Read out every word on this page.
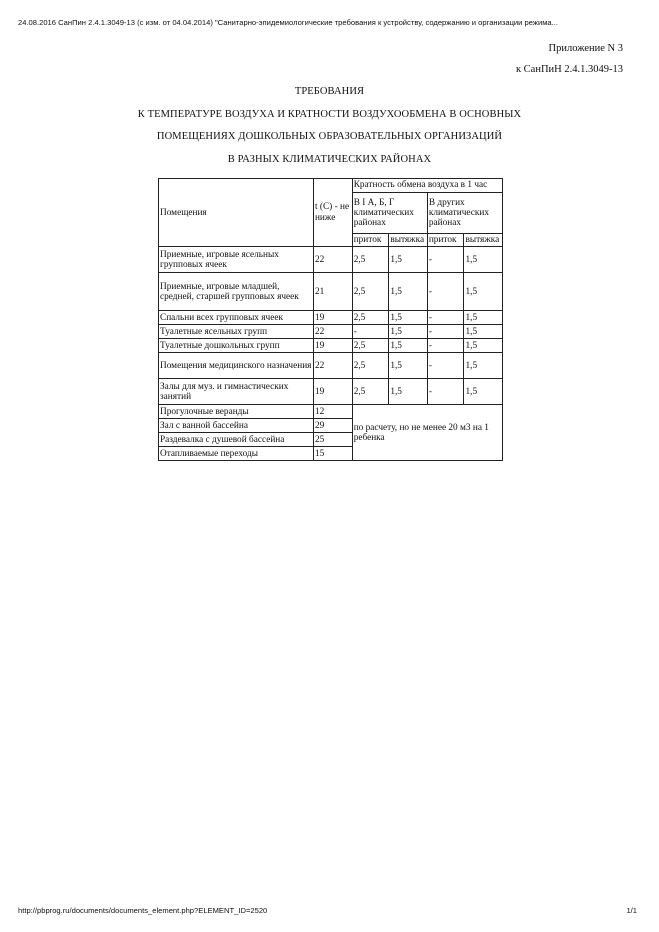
24.08.2016 СанПин 2.4.1.3049-13 (с изм. от 04.04.2014) "Санитарно-эпидемиологические требования к устройству, содержанию и организации режима...
Приложение N 3
к СанПиН 2.4.1.3049-13
ТРЕБОВАНИЯ
К ТЕМПЕРАТУРЕ ВОЗДУХА И КРАТНОСТИ ВОЗДУХООБМЕНА В ОСНОВНЫХ
ПОМЕЩЕНИЯХ ДОШКОЛЬНЫХ ОБРАЗОВАТЕЛЬНЫХ ОРГАНИЗАЦИЙ
В РАЗНЫХ КЛИМАТИЧЕСКИХ РАЙОНАХ
Помещения	t (С) - не ниже	Кратность обмена воздуха в 1 час			
		В I А, Б, Г климатических районах		В других климатических районах	
		приток	вытяжка	приток	вытяжка
Приемные, игровые ясельных групповых ячеек	22	2,5	1,5	-	1,5
Приемные, игровые младшей, средней, старшей групповых ячеек	21	2,5	1,5	-	1,5
Спальни всех групповых ячеек	19	2,5	1,5	-	1,5
Туалетные ясельных групп	22	-	1,5	-	1,5
Туалетные дошкольных групп	19	2,5	1,5	-	1,5
Помещения медицинского назначения	22	2,5	1,5	-	1,5
Залы для муз. и гимнастических занятий	19	2,5	1,5	-	1,5
Прогулочные веранды	12	по расчету, но не менее 20 м3 на 1 ребенка			
Зал с ванной бассейна	29				
Раздевалка с душевой бассейна	25				
Отапливаемые переходы	15				
http://pbprog.ru/documents/documents_element.php?ELEMENT_ID=2520	1/1
